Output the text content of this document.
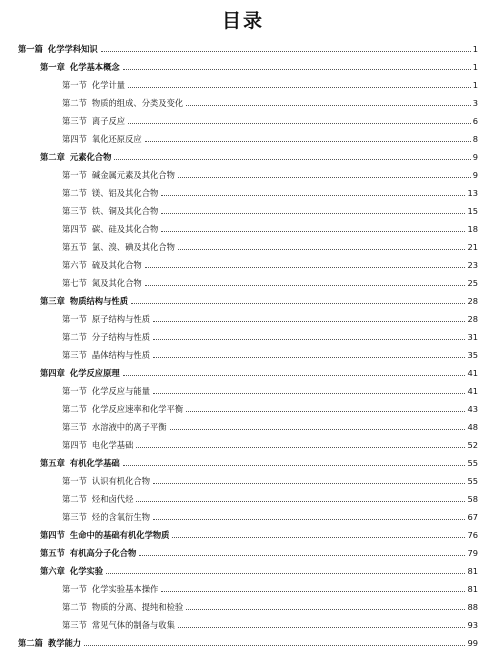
目录
第一篇 化学学科知识	1
第一章 化学基本概念	1
第一节 化学计量	1
第二节 物质的组成、分类及变化	3
第三节 离子反应	6
第四节 氧化还原反应	8
第二章 元素化合物	9
第一节 碱金属元素及其化合物	9
第二节 镁、铝及其化合物	13
第三节 铁、铜及其化合物	15
第四节 碳、硅及其化合物	18
第五节 氯、溴、碘及其化合物	21
第六节 硫及其化合物	23
第七节 氮及其化合物	25
第三章 物质结构与性质	28
第一节 原子结构与性质	28
第二节 分子结构与性质	31
第三节 晶体结构与性质	35
第四章 化学反应原理	41
第一节 化学反应与能量	41
第二节 化学反应速率和化学平衡	43
第三节 水溶液中的离子平衡	48
第四节 电化学基础	52
第五章 有机化学基础	55
第一节 认识有机化合物	55
第二节 烃和卤代烃	58
第三节 烃的含氧衍生物	67
第四节 生命中的基础有机化学物质	76
第五节 有机高分子化合物	79
第六章 化学实验	81
第一节 化学实验基本操作	81
第二节 物质的分离、提纯和检验	88
第三节 常见气体的制备与收集	93
第二篇 教学能力	99
